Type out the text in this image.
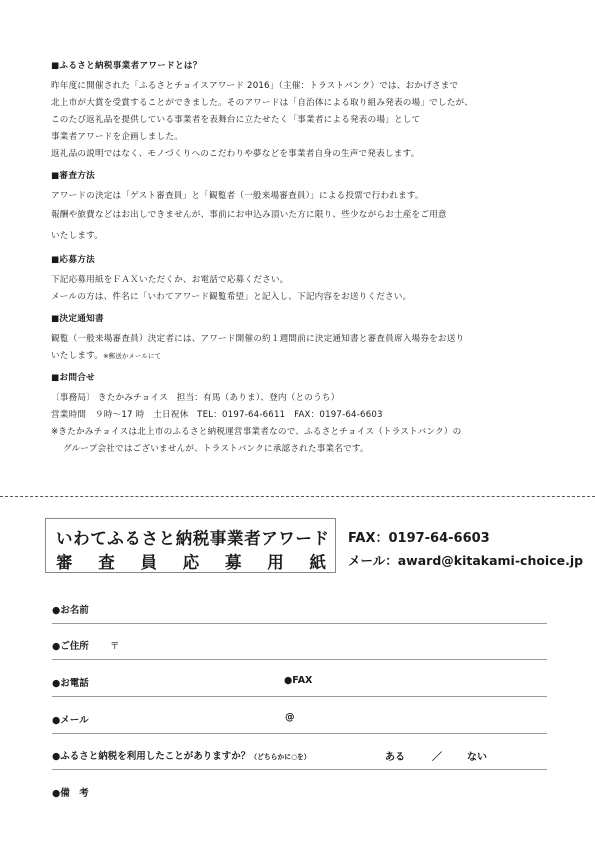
■ふるさと納税事業者アワードとは？

昨年度に開催された「ふるさとチョイスアワード 2016」（主催：トラストバンク）では、おかげさまで

北上市が大賞を受賞することができました。そのアワードは「自治体による取り組み発表の場」でしたが、

このたび返礼品を提供している事業者を表舞台に立たせたく「事業者による発表の場」として

事業者アワードを企画しました。

返礼品の説明ではなく、モノづくりへのこだわりや夢などを事業者自身の生声で発表します。

■審査方法

アワードの決定は「ゲスト審査員」と「観覧者（一般来場審査員）」による投票で行われます。

報酬や旅費などはお出しできませんが、事前にお申込み頂いた方に限り、些少ながらお土産をご用意

いたします。

■応募方法

下記応募用紙をＦＡＸいただくか、お電話で応募ください。

メールの方は、件名に「いわてアワード観覧希望」と記入し、下記内容をお送りください。

■決定通知書

観覧（一般来場審査員）決定者には、アワード開催の約１週間前に決定通知書と審査員席入場券をお送り

いたします。※郵送かメールにて

■お問合せ

〔事務局〕 きたかみチョイス　担当：有馬（ありま）、登内（とのうち）

営業時間　９時～17 時　土日祝休　TEL：0197-64-6611　FAX：0197-64-6603

※きたかみチョイスは北上市のふるさと納税運営事業者なので、ふるさとチョイス（トラストバンク）の

グループ会社ではございませんが、トラストバンクに承認された事業名です。

いわてふるさと納税事業者アワード
審 査 員 応 募 用 紙
FAX：0197-64-6603
メール：award@kitakami-choice.jp
●お名前
●ご住所 〒
●お電話	●FAX
●メール	@
●ふるさと納税を利用したことがありますか？（どちらかに○を）	ある	／	ない
●備　考
